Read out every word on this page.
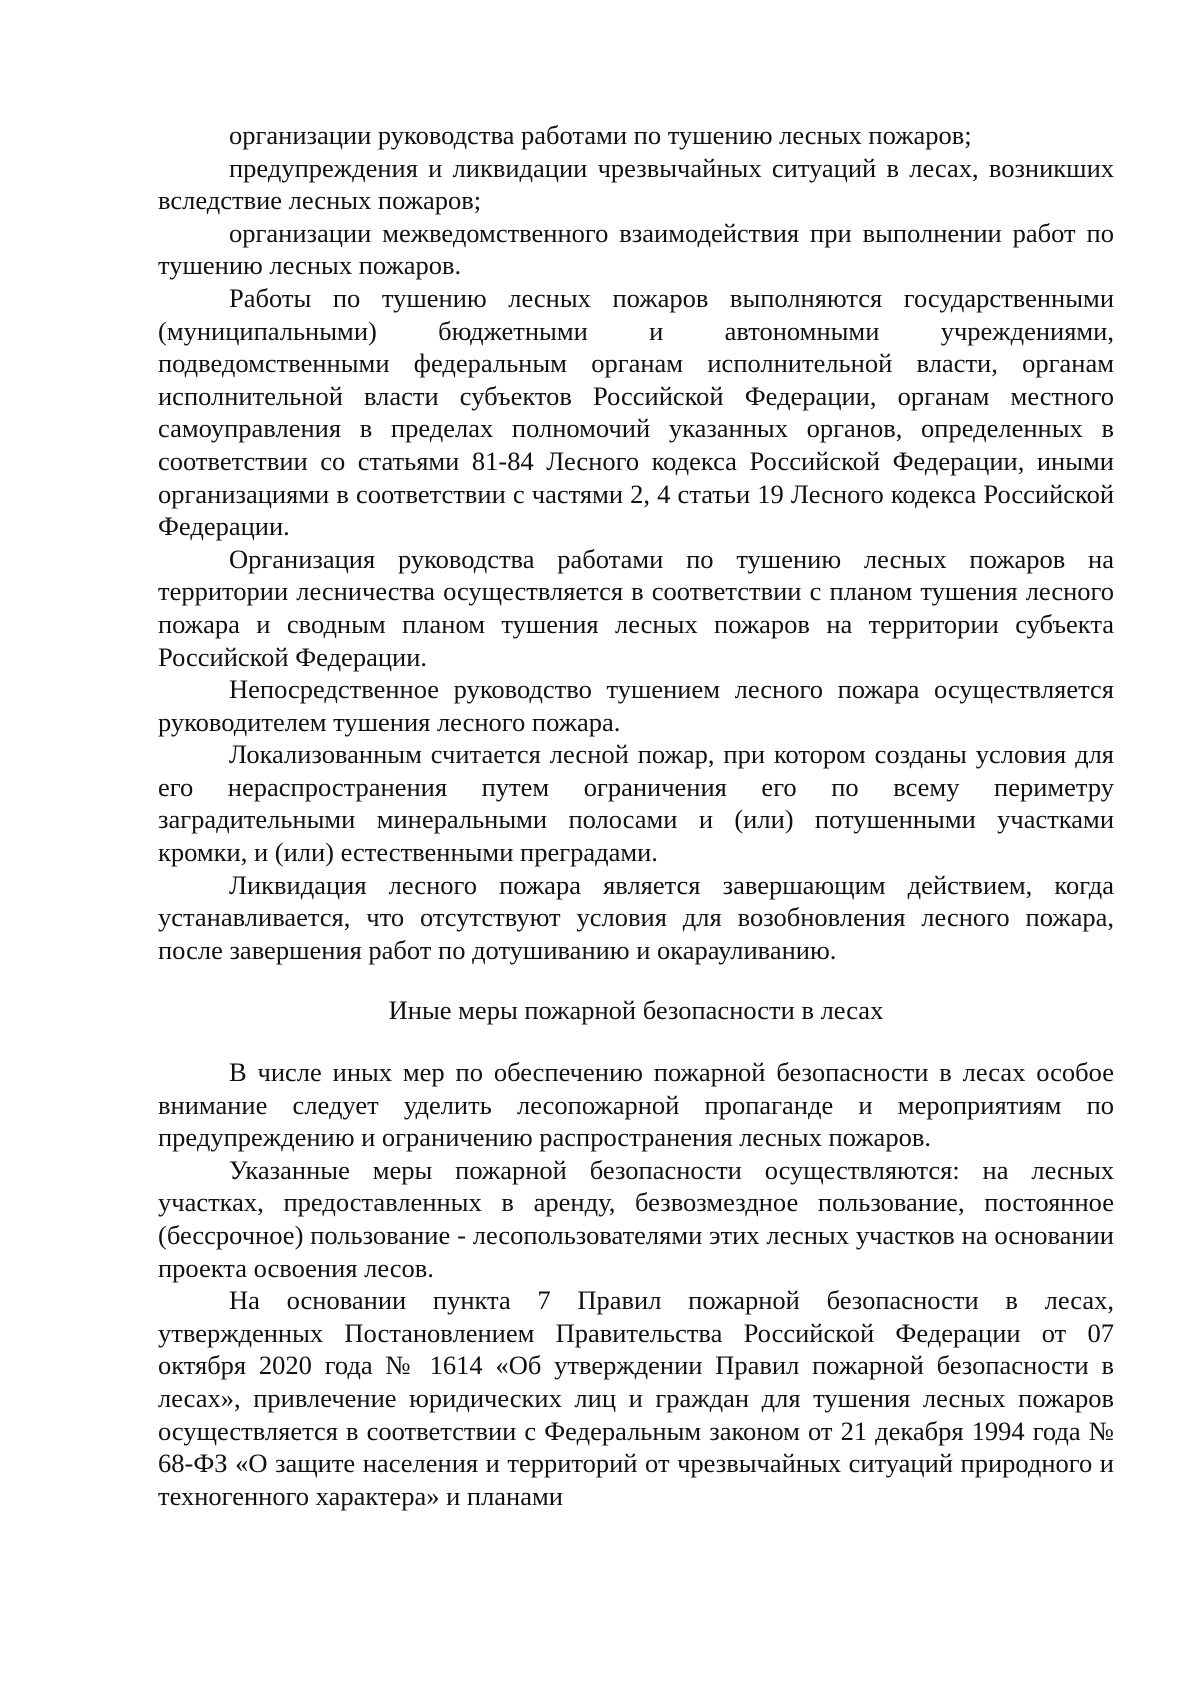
организации руководства работами по тушению лесных пожаров;

предупреждения и ликвидации чрезвычайных ситуаций в лесах, возникших вследствие лесных пожаров;

организации межведомственного взаимодействия при выполнении работ по тушению лесных пожаров.

Работы по тушению лесных пожаров выполняются государственными (муниципальными) бюджетными и автономными учреждениями, подведомственными федеральным органам исполнительной власти, органам исполнительной власти субъектов Российской Федерации, органам местного самоуправления в пределах полномочий указанных органов, определенных в соответствии со статьями 81-84 Лесного кодекса Российской Федерации, иными организациями в соответствии с частями 2, 4 статьи 19 Лесного кодекса Российской Федерации.

Организация руководства работами по тушению лесных пожаров на территории лесничества осуществляется в соответствии с планом тушения лесного пожара и сводным планом тушения лесных пожаров на территории субъекта Российской Федерации.

Непосредственное руководство тушением лесного пожара осуществляется руководителем тушения лесного пожара.

Локализованным считается лесной пожар, при котором созданы условия для его нераспространения путем ограничения его по всему периметру заградительными минеральными полосами и (или) потушенными участками кромки, и (или) естественными преградами.

Ликвидация лесного пожара является завершающим действием, когда устанавливается, что отсутствуют условия для возобновления лесного пожара, после завершения работ по дотушиванию и окарауливанию.

Иные меры пожарной безопасности в лесах

В числе иных мер по обеспечению пожарной безопасности в лесах особое внимание следует уделить лесопожарной пропаганде и мероприятиям по предупреждению и ограничению распространения лесных пожаров.

Указанные меры пожарной безопасности осуществляются: на лесных участках, предоставленных в аренду, безвозмездное пользование, постоянное (бессрочное) пользование - лесопользователями этих лесных участков на основании проекта освоения лесов.

На основании пункта 7 Правил пожарной безопасности в лесах, утвержденных Постановлением Правительства Российской Федерации от 07 октября 2020 года № 1614 «Об утверждении Правил пожарной безопасности в лесах», привлечение юридических лиц и граждан для тушения лесных пожаров осуществляется в соответствии с Федеральным законом от 21 декабря 1994 года № 68-ФЗ «О защите населения и территорий от чрезвычайных ситуаций природного и техногенного характера» и планами
